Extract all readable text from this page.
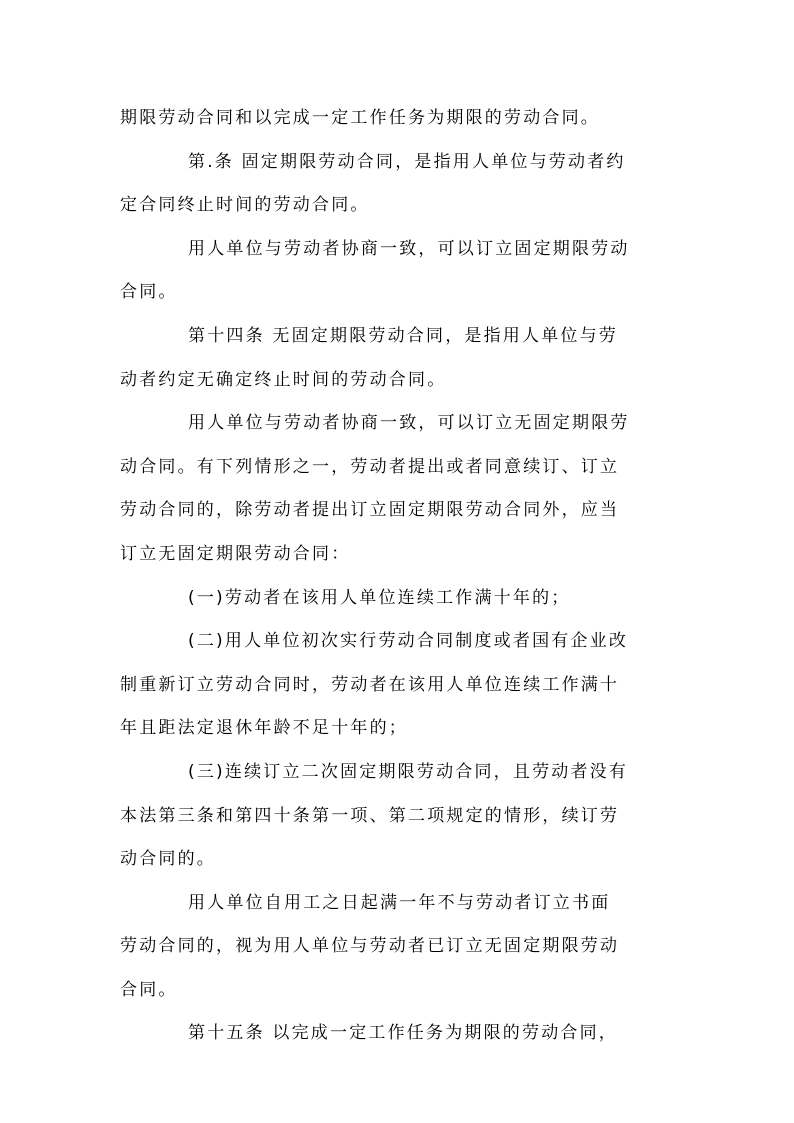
期限劳动合同和以完成一定工作任务为期限的劳动合同。
第.条 固定期限劳动合同，是指用人单位与劳动者约
定合同终止时间的劳动合同。
用人单位与劳动者协商一致，可以订立固定期限劳动
合同。
第十四条 无固定期限劳动合同，是指用人单位与劳
动者约定无确定终止时间的劳动合同。
用人单位与劳动者协商一致，可以订立无固定期限劳
动合同。有下列情形之一，劳动者提出或者同意续订、订立
劳动合同的，除劳动者提出订立固定期限劳动合同外，应当
订立无固定期限劳动合同：
(一)劳动者在该用人单位连续工作满十年的；
(二)用人单位初次实行劳动合同制度或者国有企业改
制重新订立劳动合同时，劳动者在该用人单位连续工作满十
年且距法定退休年龄不足十年的；
(三)连续订立二次固定期限劳动合同，且劳动者没有
本法第三条和第四十条第一项、第二项规定的情形，续订劳
动合同的。
用人单位自用工之日起满一年不与劳动者订立书面
劳动合同的，视为用人单位与劳动者已订立无固定期限劳动
合同。
第十五条 以完成一定工作任务为期限的劳动合同，
